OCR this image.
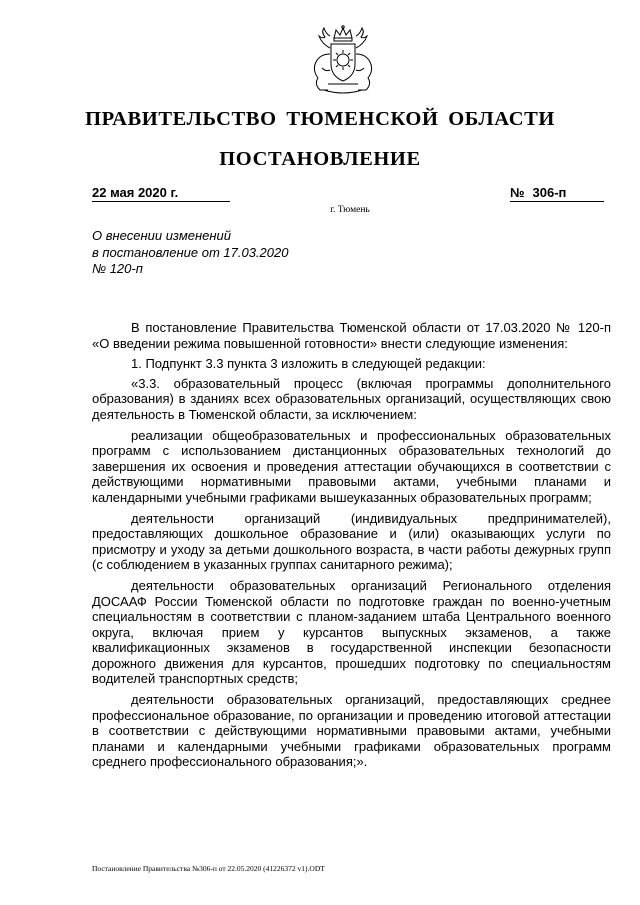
ПРАВИТЕЛЬСТВО ТЮМЕНСКОЙ ОБЛАСТИ
ПОСТАНОВЛЕНИЕ
22 мая 2020 г.	№ 306-п
г. Тюмень
О внесении изменений
в постановление от 17.03.2020
№ 120-п

В постановление Правительства Тюменской области от 17.03.2020 № 120-п «О введении режима повышенной готовности» внести следующие изменения:

1. Подпункт 3.3 пункта 3 изложить в следующей редакции:

«3.3. образовательный процесс (включая программы дополнительного образования) в зданиях всех образовательных организаций, осуществляющих свою деятельность в Тюменской области, за исключением:

реализации общеобразовательных и профессиональных образовательных программ с использованием дистанционных образовательных технологий до завершения их освоения и проведения аттестации обучающихся в соответствии с действующими нормативными правовыми актами, учебными планами и календарными учебными графиками вышеуказанных образовательных программ;

деятельности организаций (индивидуальных предпринимателей), предоставляющих дошкольное образование и (или) оказывающих услуги по присмотру и уходу за детьми дошкольного возраста, в части работы дежурных групп (с соблюдением в указанных группах санитарного режима);

деятельности образовательных организаций Регионального отделения ДОСААФ России Тюменской области по подготовке граждан по военно-учетным специальностям в соответствии с планом-заданием штаба Центрального военного округа, включая прием у курсантов выпускных экзаменов, а также квалификационных экзаменов в государственной инспекции безопасности дорожного движения для курсантов, прошедших подготовку по специальностям водителей транспортных средств;

деятельности образовательных организаций, предоставляющих среднее профессиональное образование, по организации и проведению итоговой аттестации в соответствии с действующими нормативными правовыми актами, учебными планами и календарными учебными графиками образовательных программ среднего профессионального образования;».

Постановление Правительства №306-п от 22.05.2020 (41226372 v1).ODT
